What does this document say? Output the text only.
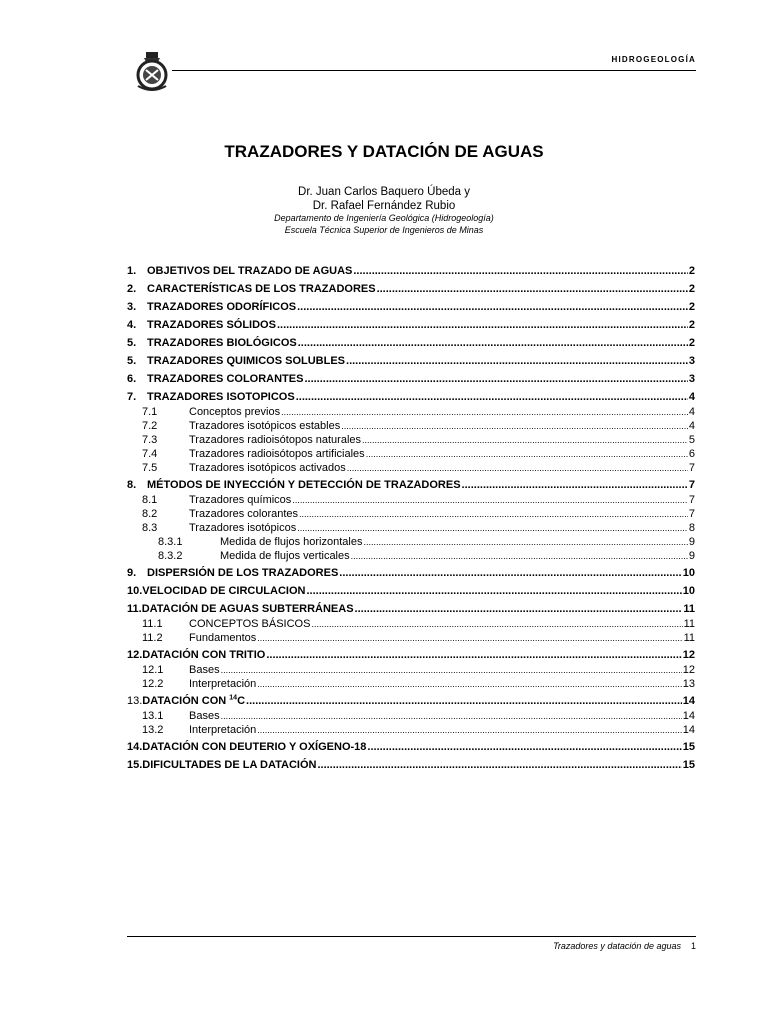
HIDROGEOLOGÍA
TRAZADORES Y DATACIÓN DE AGUAS
Dr. Juan Carlos Baquero Úbeda y
Dr. Rafael Fernández Rubio
Departamento de Ingeniería Geológica (Hidrogeología)
Escuela Técnica Superior de Ingenieros de Minas
1. OBJETIVOS DEL TRAZADO DE AGUAS .....	2
2. CARACTERÍSTICAS DE LOS TRAZADORES .....	2
3. TRAZADORES ODORÍFICOS .....	2
4. TRAZADORES SÓLIDOS .....	2
5. TRAZADORES BIOLÓGICOS .....	2
5. TRAZADORES QUIMICOS SOLUBLES .....	3
6. TRAZADORES COLORANTES .....	3
7. TRAZADORES ISOTOPICOS .....	4
7.1	Conceptos previos .....	4
7.2	Trazadores isotópicos estables .....	4
7.3	Trazadores radioisótopos naturales .....	5
7.4	Trazadores radioisótopos artificiales .....	6
7.5	Trazadores isotópicos activados .....	7
8. MÉTODOS DE INYECCIÓN Y DETECCIÓN DE TRAZADORES .....	7
8.1	Trazadores químicos .....	7
8.2	Trazadores colorantes .....	7
8.3	Trazadores isotópicos .....	8
8.3.1	Medida de flujos horizontales .....	9
8.3.2	Medida de flujos verticales .....	9
9. DISPERSIÓN DE LOS TRAZADORES .....	10
10. VELOCIDAD DE CIRCULACION .....	10
11. DATACIÓN DE AGUAS SUBTERRÁNEAS .....	11
11.1	CONCEPTOS BÁSICOS .....	11
11.2	Fundamentos .....	11
12. DATACIÓN CON TRITIO .....	12
12.1	Bases .....	12
12.2	Interpretación .....	13
13. DATACIÓN CON $^{14}$C .....	14
13.1	Bases .....	14
13.2	Interpretación .....	14
14. DATACIÓN CON DEUTERIO Y OXÍGENO-18 .....	15
15. DIFICULTADES DE LA DATACIÓN .....	15
Trazadores y datación de aguas 1
